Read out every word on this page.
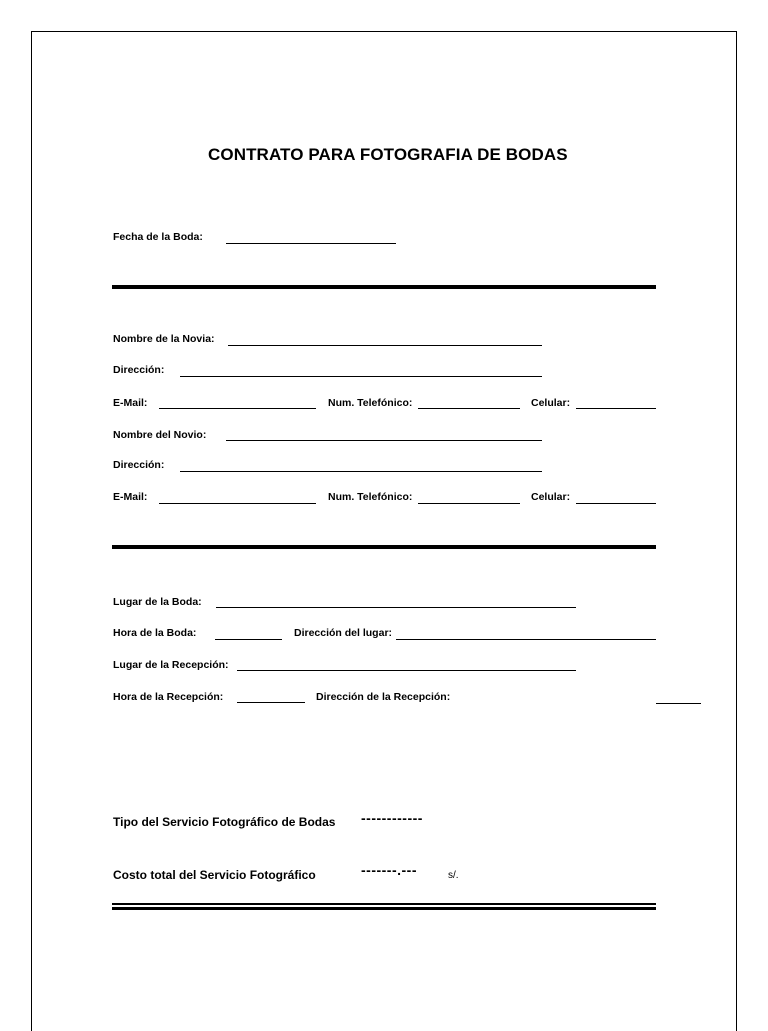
CONTRATO PARA FOTOGRAFIA DE BODAS
Fecha de la Boda:
Nombre de la Novia:
Dirección:
E-Mail:	Num. Telefónico:	Celular:
Nombre del Novio:
Dirección:
E-Mail:	Num. Telefónico:	Celular:
Lugar de la Boda:
Hora de la Boda:	Dirección del lugar:
Lugar de la Recepción:
Hora de la Recepción:	Dirección de la Recepción:
Tipo del Servicio Fotográfico de Bodas ------------
Costo total del Servicio Fotográfico	-------.---	s/.
